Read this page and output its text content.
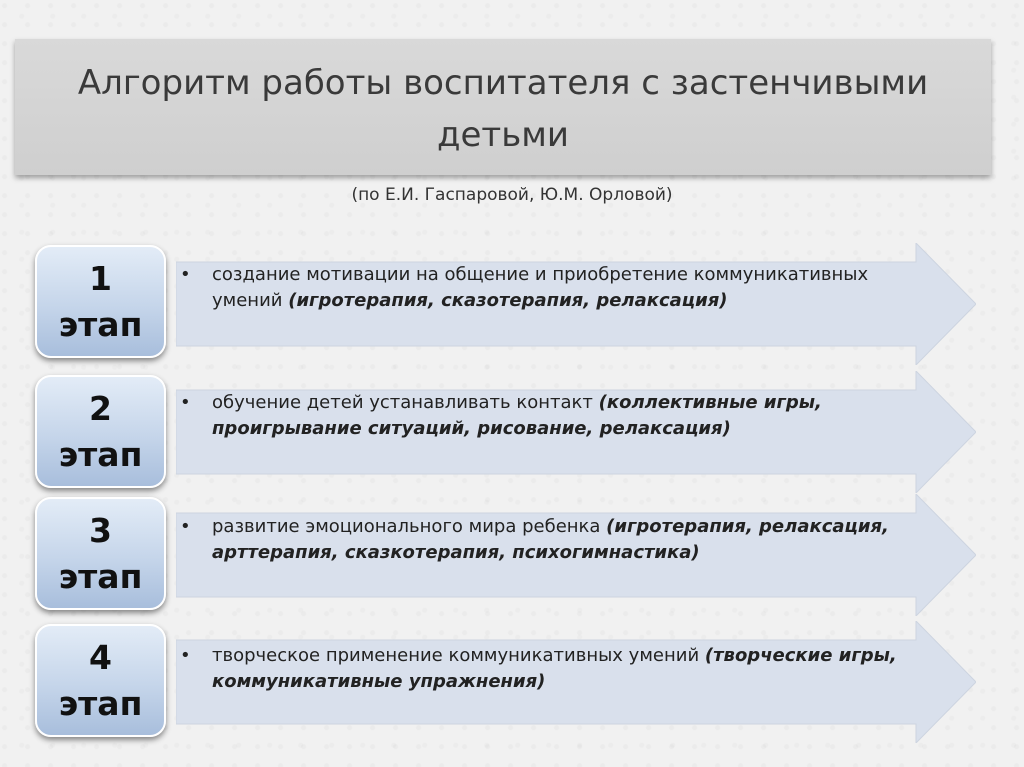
Алгоритм работы воспитателя с застенчивыми детьми
(по Е.И. Гаспаровой, Ю.М. Орловой)
1
этап

• создание мотивации на общение и приобретение коммуникативных умений (игротерапия, сказотерапия, релаксация)

2
этап

• обучение детей устанавливать контакт (коллективные игры, проигрывание ситуаций, рисование, релаксация)

3
этап

• развитие эмоционального мира ребенка (игротерапия, релаксация, арттерапия, сказкотерапия, психогимнастика)

4
этап

• творческое применение коммуникативных умений (творческие игры, коммуникативные упражнения)
